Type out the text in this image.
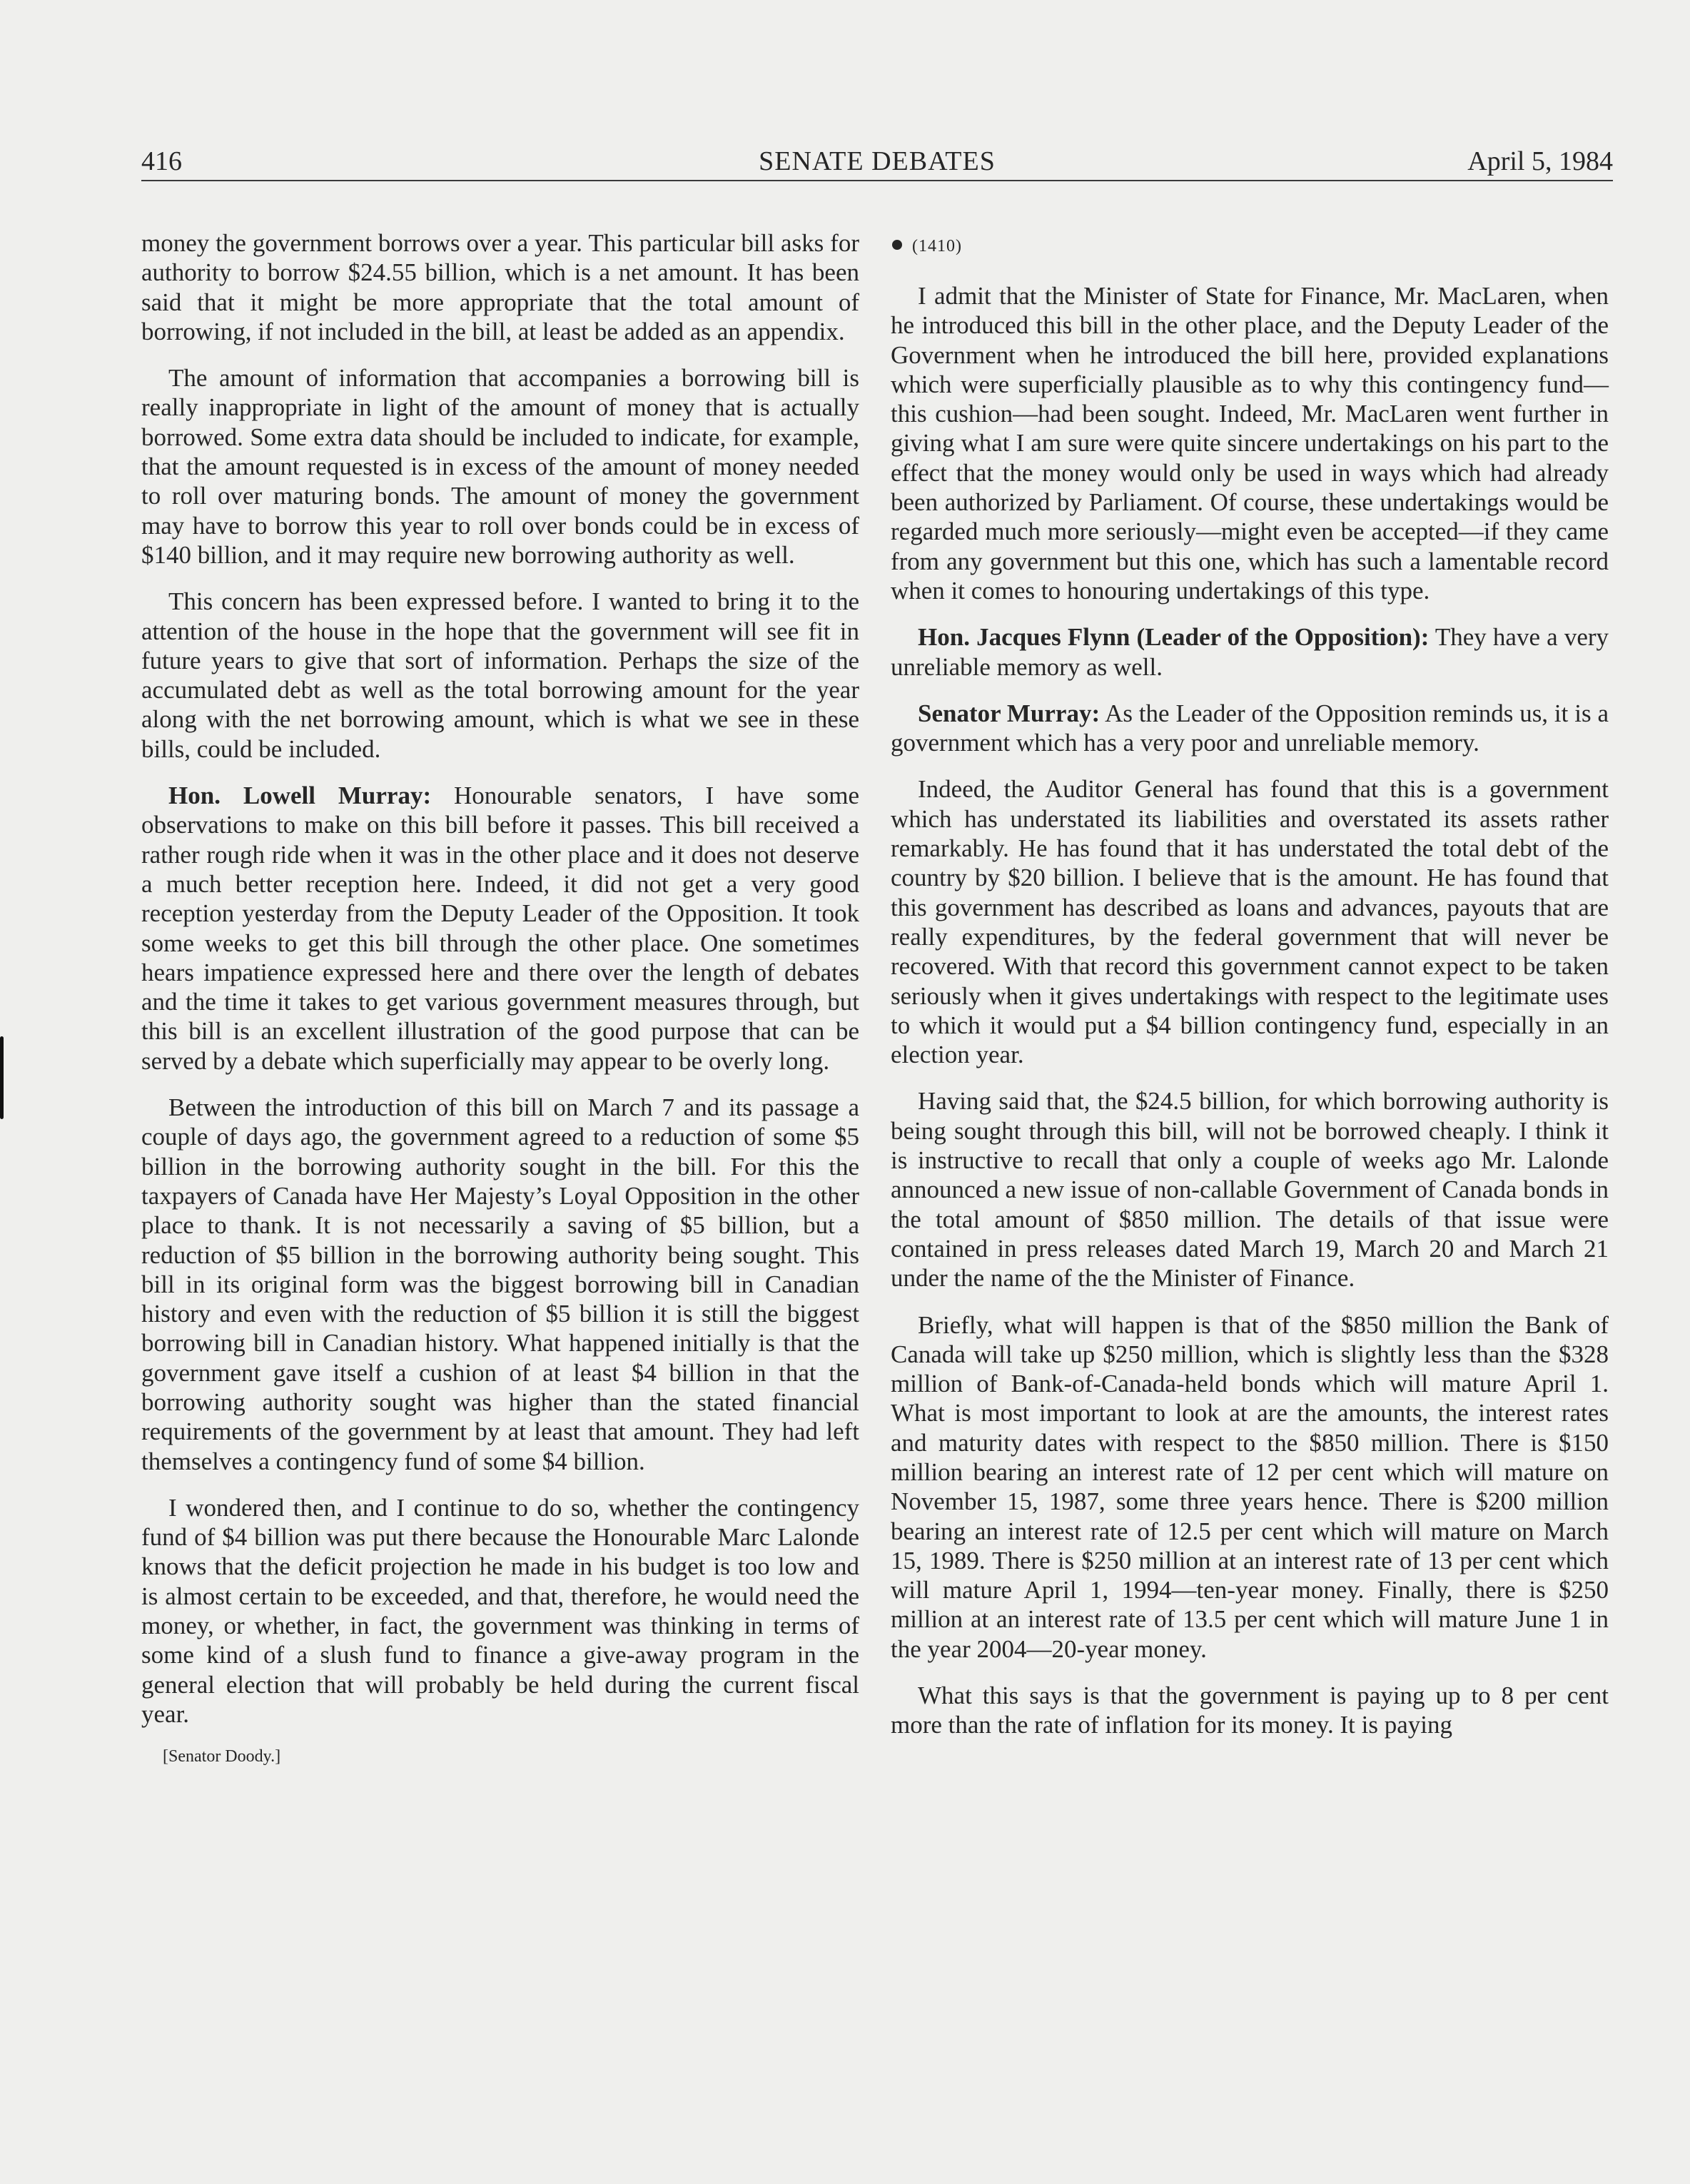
416	SENATE DEBATES	April 5, 1984

money the government borrows over a year. This particular bill asks for authority to borrow $24.55 billion, which is a net amount. It has been said that it might be more appropriate that the total amount of borrowing, if not included in the bill, at least be added as an appendix.

The amount of information that accompanies a borrowing bill is really inappropriate in light of the amount of money that is actually borrowed. Some extra data should be included to indicate, for example, that the amount requested is in excess of the amount of money needed to roll over maturing bonds. The amount of money the government may have to borrow this year to roll over bonds could be in excess of $140 billion, and it may require new borrowing authority as well.

This concern has been expressed before. I wanted to bring it to the attention of the house in the hope that the government will see fit in future years to give that sort of information. Perhaps the size of the accumulated debt as well as the total borrowing amount for the year along with the net borrowing amount, which is what we see in these bills, could be included.

Hon. Lowell Murray: Honourable senators, I have some observations to make on this bill before it passes. This bill received a rather rough ride when it was in the other place and it does not deserve a much better reception here. Indeed, it did not get a very good reception yesterday from the Deputy Leader of the Opposition. It took some weeks to get this bill through the other place. One sometimes hears impatience expressed here and there over the length of debates and the time it takes to get various government measures through, but this bill is an excellent illustration of the good purpose that can be served by a debate which superficially may appear to be overly long.

Between the introduction of this bill on March 7 and its passage a couple of days ago, the government agreed to a reduction of some $5 billion in the borrowing authority sought in the bill. For this the taxpayers of Canada have Her Majesty’s Loyal Opposition in the other place to thank. It is not necessarily a saving of $5 billion, but a reduction of $5 billion in the borrowing authority being sought. This bill in its original form was the biggest borrowing bill in Canadian history and even with the reduction of $5 billion it is still the biggest borrowing bill in Canadian history. What happened initially is that the government gave itself a cushion of at least $4 billion in that the borrowing authority sought was higher than the stated financial requirements of the government by at least that amount. They had left themselves a contingency fund of some $4 billion.

I wondered then, and I continue to do so, whether the contingency fund of $4 billion was put there because the Honourable Marc Lalonde knows that the deficit projection he made in his budget is too low and is almost certain to be exceeded, and that, therefore, he would need the money, or whether, in fact, the government was thinking in terms of some kind of a slush fund to finance a give-away program in the general election that will probably be held during the current fiscal year.

[Senator Doody.]
(1410)

I admit that the Minister of State for Finance, Mr. MacLaren, when he introduced this bill in the other place, and the Deputy Leader of the Government when he introduced the bill here, provided explanations which were superficially plausible as to why this contingency fund—this cushion—had been sought. Indeed, Mr. MacLaren went further in giving what I am sure were quite sincere undertakings on his part to the effect that the money would only be used in ways which had already been authorized by Parliament. Of course, these undertakings would be regarded much more seriously—might even be accepted—if they came from any government but this one, which has such a lamentable record when it comes to honouring undertakings of this type.

Hon. Jacques Flynn (Leader of the Opposition): They have a very unreliable memory as well.

Senator Murray: As the Leader of the Opposition reminds us, it is a government which has a very poor and unreliable memory.

Indeed, the Auditor General has found that this is a government which has understated its liabilities and overstated its assets rather remarkably. He has found that it has understated the total debt of the country by $20 billion. I believe that is the amount. He has found that this government has described as loans and advances, payouts that are really expenditures, by the federal government that will never be recovered. With that record this government cannot expect to be taken seriously when it gives undertakings with respect to the legitimate uses to which it would put a $4 billion contingency fund, especially in an election year.

Having said that, the $24.5 billion, for which borrowing authority is being sought through this bill, will not be borrowed cheaply. I think it is instructive to recall that only a couple of weeks ago Mr. Lalonde announced a new issue of non-callable Government of Canada bonds in the total amount of $850 million. The details of that issue were contained in press releases dated March 19, March 20 and March 21 under the name of the the Minister of Finance.

Briefly, what will happen is that of the $850 million the Bank of Canada will take up $250 million, which is slightly less than the $328 million of Bank-of-Canada-held bonds which will mature April 1. What is most important to look at are the amounts, the interest rates and maturity dates with respect to the $850 million. There is $150 million bearing an interest rate of 12 per cent which will mature on November 15, 1987, some three years hence. There is $200 million bearing an interest rate of 12.5 per cent which will mature on March 15, 1989. There is $250 million at an interest rate of 13 per cent which will mature April 1, 1994—ten-year money. Finally, there is $250 million at an interest rate of 13.5 per cent which will mature June 1 in the year 2004—20-year money.

What this says is that the government is paying up to 8 per cent more than the rate of inflation for its money. It is paying
